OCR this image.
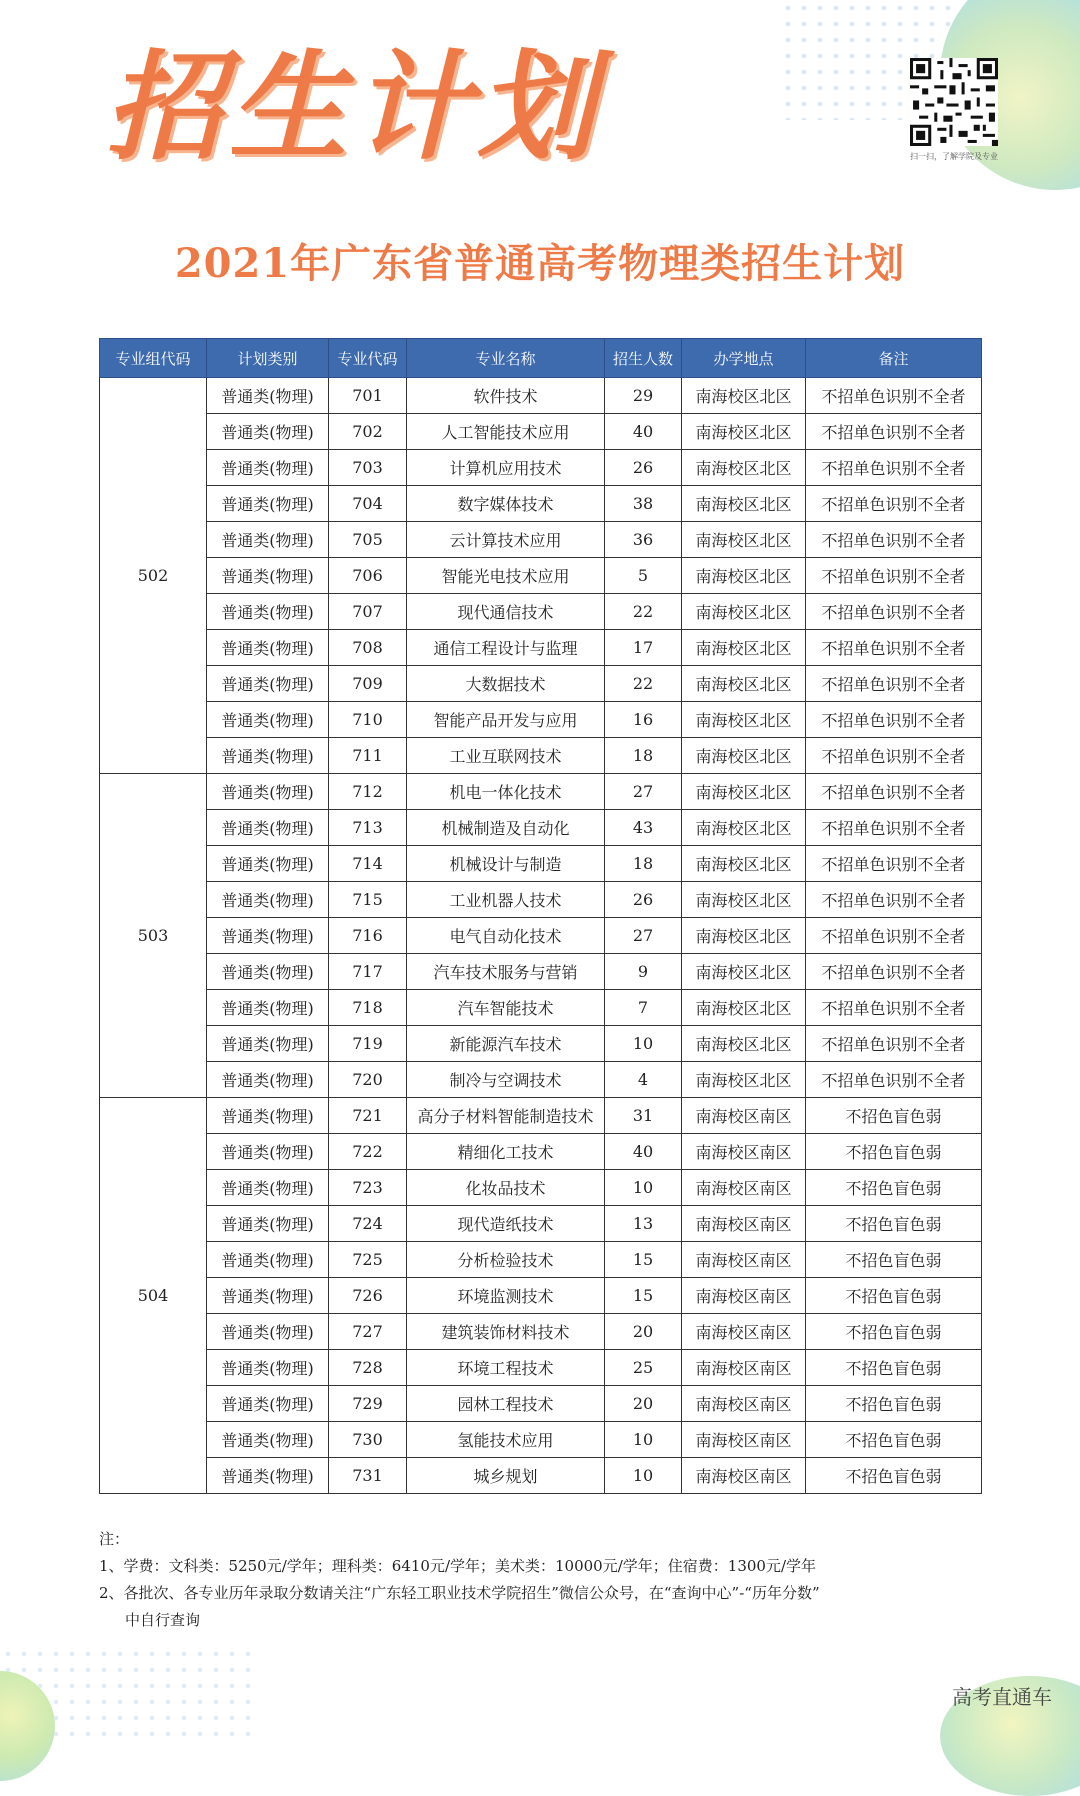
招生计划	扫一扫，了解学院及专业
2021年广东省普通高考物理类招生计划
专业组代码	计划类别	专业代码	专业名称	招生人数	办学地点	备注
502	普通类(物理)	701	软件技术	29	南海校区北区	不招单色识别不全者
	普通类(物理)	702	人工智能技术应用	40	南海校区北区	不招单色识别不全者
	普通类(物理)	703	计算机应用技术	26	南海校区北区	不招单色识别不全者
	普通类(物理)	704	数字媒体技术	38	南海校区北区	不招单色识别不全者
	普通类(物理)	705	云计算技术应用	36	南海校区北区	不招单色识别不全者
	普通类(物理)	706	智能光电技术应用	5	南海校区北区	不招单色识别不全者
	普通类(物理)	707	现代通信技术	22	南海校区北区	不招单色识别不全者
	普通类(物理)	708	通信工程设计与监理	17	南海校区北区	不招单色识别不全者
	普通类(物理)	709	大数据技术	22	南海校区北区	不招单色识别不全者
	普通类(物理)	710	智能产品开发与应用	16	南海校区北区	不招单色识别不全者
	普通类(物理)	711	工业互联网技术	18	南海校区北区	不招单色识别不全者
503	普通类(物理)	712	机电一体化技术	27	南海校区北区	不招单色识别不全者
	普通类(物理)	713	机械制造及自动化	43	南海校区北区	不招单色识别不全者
	普通类(物理)	714	机械设计与制造	18	南海校区北区	不招单色识别不全者
	普通类(物理)	715	工业机器人技术	26	南海校区北区	不招单色识别不全者
	普通类(物理)	716	电气自动化技术	27	南海校区北区	不招单色识别不全者
	普通类(物理)	717	汽车技术服务与营销	9	南海校区北区	不招单色识别不全者
	普通类(物理)	718	汽车智能技术	7	南海校区北区	不招单色识别不全者
	普通类(物理)	719	新能源汽车技术	10	南海校区北区	不招单色识别不全者
	普通类(物理)	720	制冷与空调技术	4	南海校区北区	不招单色识别不全者
504	普通类(物理)	721	高分子材料智能制造技术	31	南海校区南区	不招色盲色弱
	普通类(物理)	722	精细化工技术	40	南海校区南区	不招色盲色弱
	普通类(物理)	723	化妆品技术	10	南海校区南区	不招色盲色弱
	普通类(物理)	724	现代造纸技术	13	南海校区南区	不招色盲色弱
	普通类(物理)	725	分析检验技术	15	南海校区南区	不招色盲色弱
	普通类(物理)	726	环境监测技术	15	南海校区南区	不招色盲色弱
	普通类(物理)	727	建筑装饰材料技术	20	南海校区南区	不招色盲色弱
	普通类(物理)	728	环境工程技术	25	南海校区南区	不招色盲色弱
	普通类(物理)	729	园林工程技术	20	南海校区南区	不招色盲色弱
	普通类(物理)	730	氢能技术应用	10	南海校区南区	不招色盲色弱
	普通类(物理)	731	城乡规划	10	南海校区南区	不招色盲色弱
注：
1、学费：文科类：5250元/学年；理科类：6410元/学年；美术类：10000元/学年；住宿费：1300元/学年
2、各批次、各专业历年录取分数请关注“广东轻工职业技术学院招生”微信公众号，在“查询中心”-“历年分数”
中自行查询
高考直通车
